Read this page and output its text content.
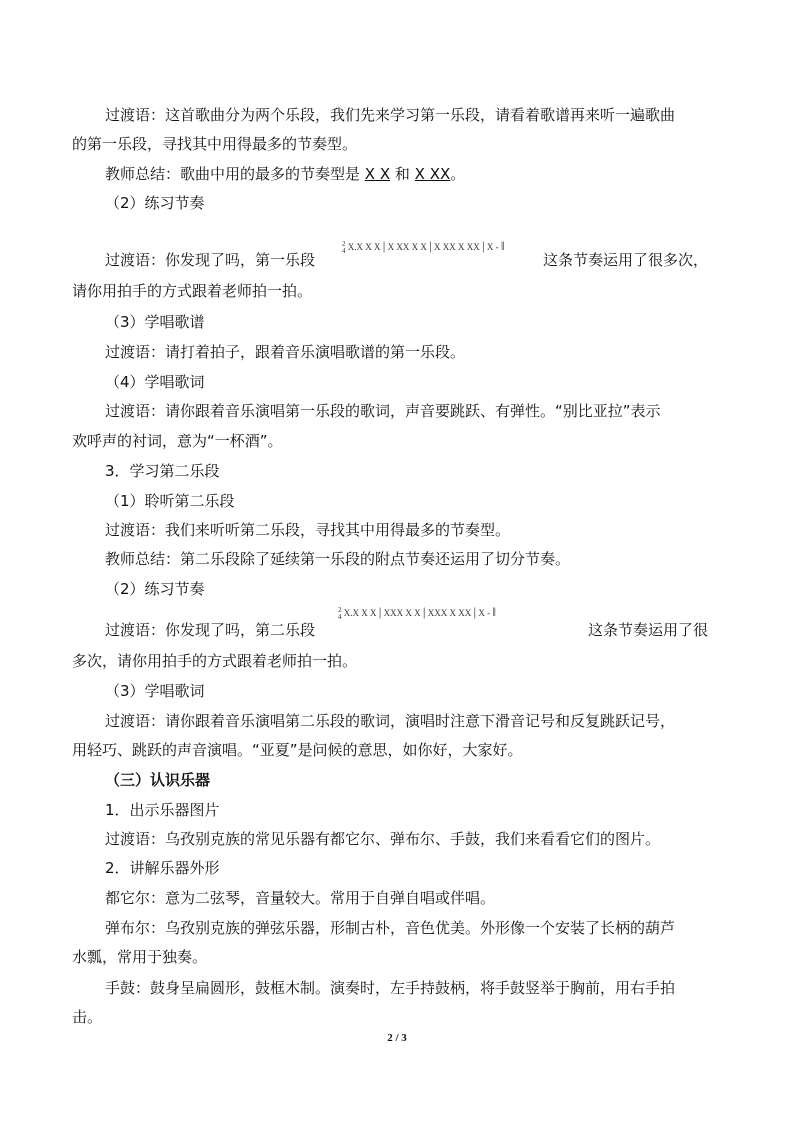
过渡语：这首歌曲分为两个乐段，我们先来学习第一乐段，请看着歌谱再来听一遍歌曲
的第一乐段，寻找其中用得最多的节奏型。
教师总结：歌曲中用的最多的节奏型是 X X 和 X XX。
（2）练习节奏
过渡语：你发现了吗，第一乐段
2
4 X.X X X | X XX X X | X XX X XX | X - ‖
这条节奏运用了很多次，
请你用拍手的方式跟着老师拍一拍。
（3）学唱歌谱
过渡语：请打着拍子，跟着音乐演唱歌谱的第一乐段。
（4）学唱歌词
过渡语：请你跟着音乐演唱第一乐段的歌词，声音要跳跃、有弹性。“别比亚拉”表示
欢呼声的衬词，意为“一杯酒”。
3．学习第二乐段
（1）聆听第二乐段
过渡语：我们来听听第二乐段，寻找其中用得最多的节奏型。
教师总结：第二乐段除了延续第一乐段的附点节奏还运用了切分节奏。
（2）练习节奏
过渡语：你发现了吗，第二乐段
2
4 X.X X X | XXX X X | XXX X XX | X - ‖
这条节奏运用了很
多次，请你用拍手的方式跟着老师拍一拍。
（3）学唱歌词
过渡语：请你跟着音乐演唱第二乐段的歌词，演唱时注意下滑音记号和反复跳跃记号，
用轻巧、跳跃的声音演唱。“亚夏”是问候的意思，如你好，大家好。
（三）认识乐器
1．出示乐器图片
过渡语：乌孜别克族的常见乐器有都它尔、弹布尔、手鼓，我们来看看它们的图片。
2．讲解乐器外形
都它尔：意为二弦琴，音量较大。常用于自弹自唱或伴唱。
弹布尔：乌孜别克族的弹弦乐器，形制古朴，音色优美。外形像一个安装了长柄的葫芦
水瓢，常用于独奏。
手鼓：鼓身呈扁圆形，鼓框木制。演奏时，左手持鼓柄，将手鼓竖举于胸前，用右手拍
击。
2 / 3
